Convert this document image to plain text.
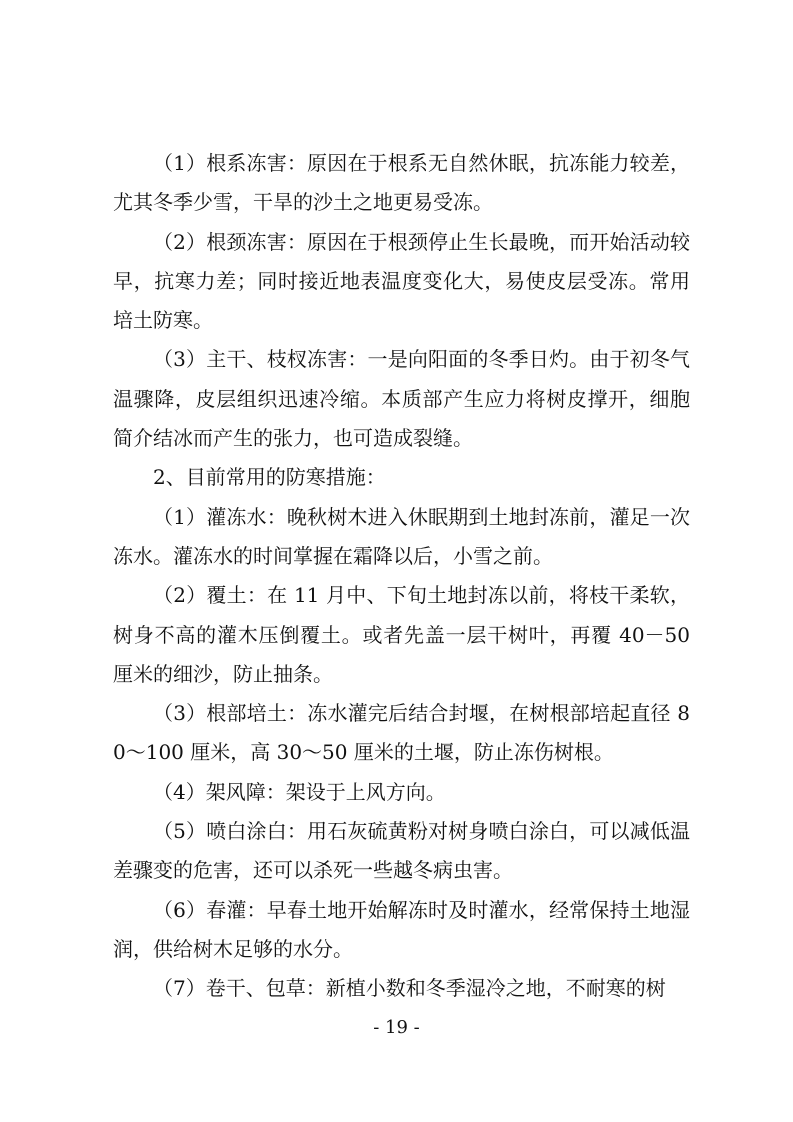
（1）根系冻害：原因在于根系无自然休眠，抗冻能力较差，尤其冬季少雪，干旱的沙土之地更易受冻。

（2）根颈冻害：原因在于根颈停止生长最晚，而开始活动较早，抗寒力差；同时接近地表温度变化大，易使皮层受冻。常用培土防寒。

（3）主干、枝杈冻害：一是向阳面的冬季日灼。由于初冬气温骤降，皮层组织迅速冷缩。本质部产生应力将树皮撑开，细胞简介结冰而产生的张力，也可造成裂缝。

2、目前常用的防寒措施：

（1）灌冻水：晚秋树木进入休眠期到土地封冻前，灌足一次冻水。灌冻水的时间掌握在霜降以后，小雪之前。

（2）覆土：在 11 月中、下旬土地封冻以前，将枝干柔软，树身不高的灌木压倒覆土。或者先盖一层干树叶，再覆 40－50 厘米的细沙，防止抽条。

（3）根部培土：冻水灌完后结合封堰，在树根部培起直径 80～100 厘米，高 30～50 厘米的土堰，防止冻伤树根。

（4）架风障：架设于上风方向。

（5）喷白涂白：用石灰硫黄粉对树身喷白涂白，可以减低温差骤变的危害，还可以杀死一些越冬病虫害。

（6）春灌：早春土地开始解冻时及时灌水，经常保持土地湿润，供给树木足够的水分。

（7）卷干、包草：新植小数和冬季湿冷之地，不耐寒的树

- 19 -
